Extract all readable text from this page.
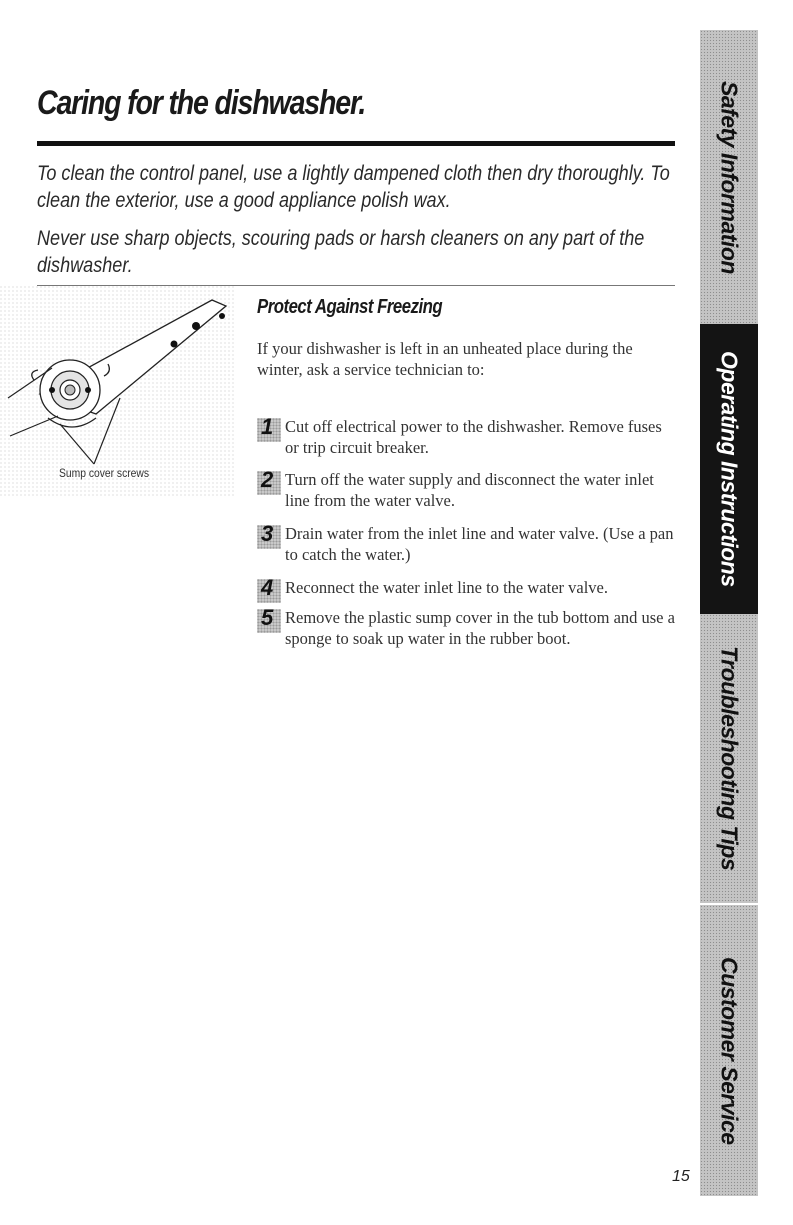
Caring for the dishwasher.

To clean the control panel, use a lightly dampened cloth then dry thoroughly. To clean the exterior, use a good appliance polish wax.

Never use sharp objects, scouring pads or harsh cleaners on any part of the dishwasher.

Sump cover screws
Protect Against Freezing

If your dishwasher is left in an unheated place during the winter, ask a service technician to:

1 Cut off electrical power to the dishwasher. Remove fuses or trip circuit breaker.
2 Turn off the water supply and disconnect the water inlet line from the water valve.
3 Drain water from the inlet line and water valve. (Use a pan to catch the water.)
4 Reconnect the water inlet line to the water valve.
5 Remove the plastic sump cover in the tub bottom and use a sponge to soak up water in the rubber boot.
Safety Information
Operating Instructions
Troubleshooting Tips
Customer Service
15
